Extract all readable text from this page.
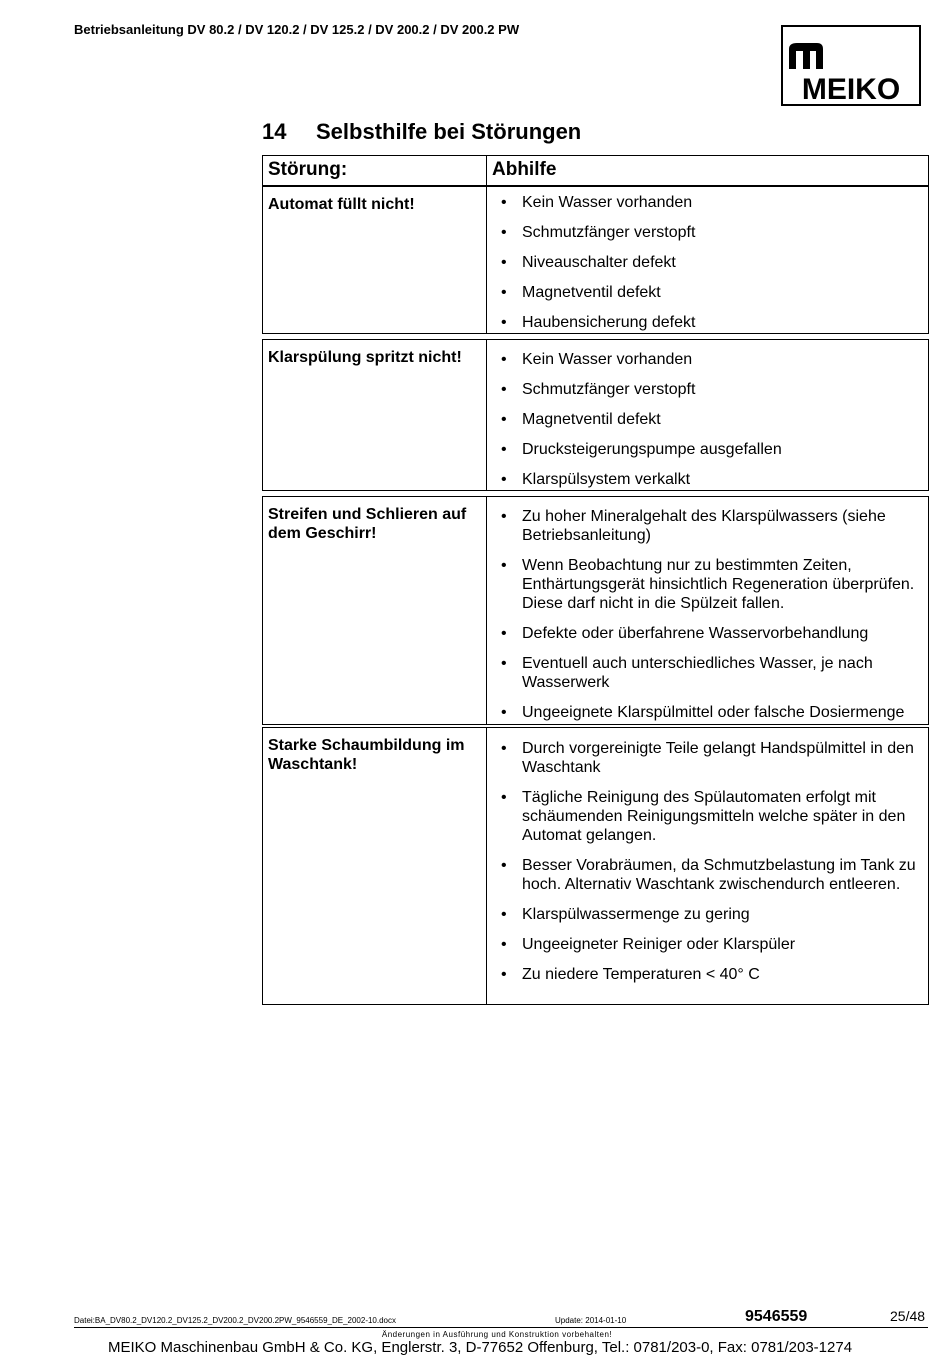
Betriebsanleitung DV 80.2 / DV 120.2 / DV 125.2 / DV 200.2 / DV 200.2 PW
MEIKO
14 Selbsthilfe bei Störungen
Störung:	Abhilfe
Automat füllt nicht!	• Kein Wasser vorhanden
• Schmutzfänger verstopft
• Niveauschalter defekt
• Magnetventil defekt
• Haubensicherung defekt
Klarspülung spritzt nicht!	• Kein Wasser vorhanden
• Schmutzfänger verstopft
• Magnetventil defekt
• Drucksteigerungspumpe ausgefallen
• Klarspülsystem verkalkt
Streifen und Schlieren auf dem Geschirr!
• Zu hoher Mineralgehalt des Klarspülwassers (siehe Betriebsanleitung)
• Wenn Beobachtung nur zu bestimmten Zeiten, Enthärtungsgerät hinsichtlich Regeneration überprüfen. Diese darf nicht in die Spülzeit fallen.
• Defekte oder überfahrene Wasservorbehandlung
• Eventuell auch unterschiedliches Wasser, je nach Wasserwerk
• Ungeeignete Klarspülmittel oder falsche Dosiermenge
Starke Schaumbildung im Waschtank!
• Durch vorgereinigte Teile gelangt Handspülmittel in den Waschtank
• Tägliche Reinigung des Spülautomaten erfolgt mit schäumenden Reinigungsmitteln welche später in den Automat gelangen.
• Besser Vorabräumen, da Schmutzbelastung im Tank zu hoch. Alternativ Waschtank zwischendurch entleeren.
• Klarspülwassermenge zu gering
• Ungeeigneter Reiniger oder Klarspüler
• Zu niedere Temperaturen < 40° C
Datei:BA_DV80.2_DV120.2_DV125.2_DV200.2_DV200.2PW_9546559_DE_2002-10.docx	Update: 2014-01-10	9546559	25/48
Änderungen in Ausführung und Konstruktion vorbehalten!
MEIKO Maschinenbau GmbH & Co. KG, Englerstr. 3, D-77652 Offenburg, Tel.: 0781/203-0, Fax: 0781/203-1274
